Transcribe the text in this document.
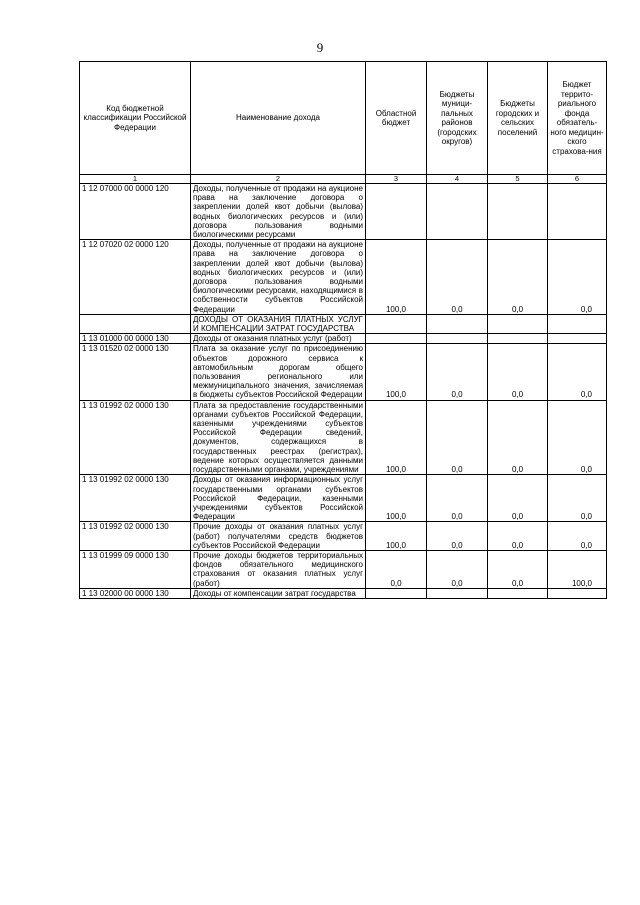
9
Код бюджетной классификации Российской Федерации	Наименование дохода	Областной бюджет	Бюджеты муници-пальных районов (городских округов)	Бюджеты городских и сельских поселений	Бюджет террито-риального фонда обязатель-ного медицин-ского страхова-ния
1	2	3	4	5	6
1 12 07000 00 0000 120	Доходы, полученные от продажи на аукционе права на заключение договора о закреплении долей квот добычи (вылова) водных биологических ресурсов и (или) договора пользования водными биологическими ресурсами				
1 12 07020 02 0000 120	Доходы, полученные от продажи на аукционе права на заключение договора о закреплении долей квот добычи (вылова) водных биологических ресурсов и (или) договора пользования водными биологическими ресурсами, находящимися в собственности субъектов Российской Федерации	100,0	0,0	0,0	0,0
	ДОХОДЫ ОТ ОКАЗАНИЯ ПЛАТНЫХ УСЛУГ И КОМПЕНСАЦИИ ЗАТРАТ ГОСУДАРСТВА				
1 13 01000 00 0000 130	Доходы от оказания платных услуг (работ)				
1 13 01520 02 0000 130	Плата за оказание услуг по присоединению объектов дорожного сервиса к автомобильным дорогам общего пользования регионального или межмуниципального значения, зачисляемая в бюджеты субъектов Российской Федерации	100,0	0,0	0,0	0,0
1 13 01992 02 0000 130	Плата за предоставление государственными органами субъектов Российской Федерации, казенными учреждениями субъектов Российской Федерации сведений, документов, содержащихся в государственных реестрах (регистрах), ведение которых осуществляется данными государственными органами, учреждениями	100,0	0,0	0,0	0,0
1 13 01992 02 0000 130	Доходы от оказания информационных услуг государственными органами субъектов Российской Федерации, казенными учреждениями субъектов Российской Федерации	100,0	0,0	0,0	0,0
1 13 01992 02 0000 130	Прочие доходы от оказания платных услуг (работ) получателями средств бюджетов субъектов Российской Федерации	100,0	0,0	0,0	0,0
1 13 01999 09 0000 130	Прочие доходы бюджетов территориальных фондов обязательного медицинского страхования от оказания платных услуг (работ)	0,0	0,0	0,0	100,0
1 13 02000 00 0000 130	Доходы от компенсации затрат государства				
